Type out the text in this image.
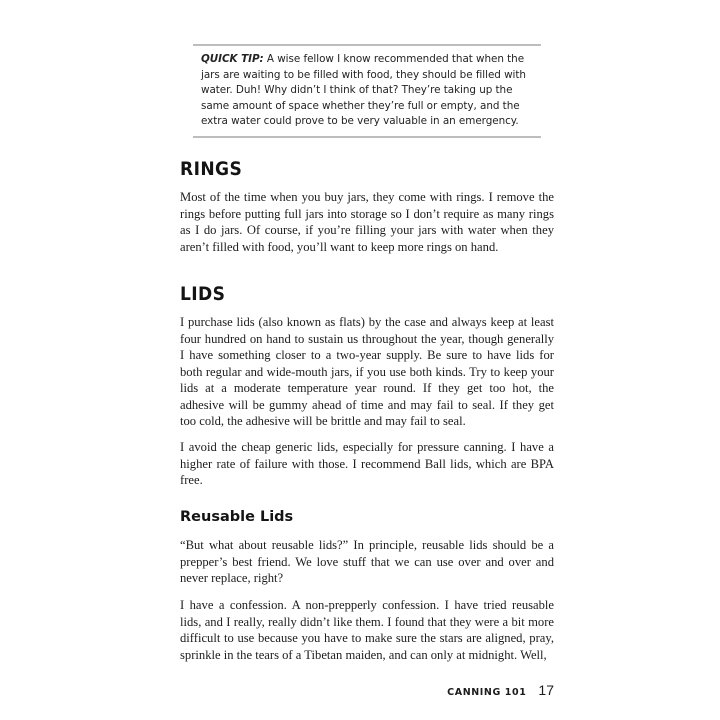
QUICK TIP: A wise fellow I know recommended that when the jars are waiting to be filled with food, they should be filled with water. Duh! Why didn’t I think of that? They’re taking up the same amount of space whether they’re full or empty, and the extra water could prove to be very valuable in an emergency.
RINGS

Most of the time when you buy jars, they come with rings. I remove the rings before putting full jars into storage so I don’t require as many rings as I do jars. Of course, if you’re filling your jars with water when they aren’t filled with food, you’ll want to keep more rings on hand.

LIDS

I purchase lids (also known as flats) by the case and always keep at least four hundred on hand to sustain us throughout the year, though generally I have something closer to a two-year supply. Be sure to have lids for both regular and wide-mouth jars, if you use both kinds. Try to keep your lids at a moderate temperature year round. If they get too hot, the adhesive will be gummy ahead of time and may fail to seal. If they get too cold, the adhesive will be brittle and may fail to seal.

I avoid the cheap generic lids, especially for pressure canning. I have a higher rate of failure with those. I recommend Ball lids, which are BPA free.

Reusable Lids

“But what about reusable lids?” In principle, reusable lids should be a prepper’s best friend. We love stuff that we can use over and over and never replace, right?

I have a confession. A non-prepperly confession. I have tried reusable lids, and I really, really didn’t like them. I found that they were a bit more difficult to use because you have to make sure the stars are aligned, pray, sprinkle in the tears of a Tibetan maiden, and can only at midnight. Well,

CANNING 101 17
